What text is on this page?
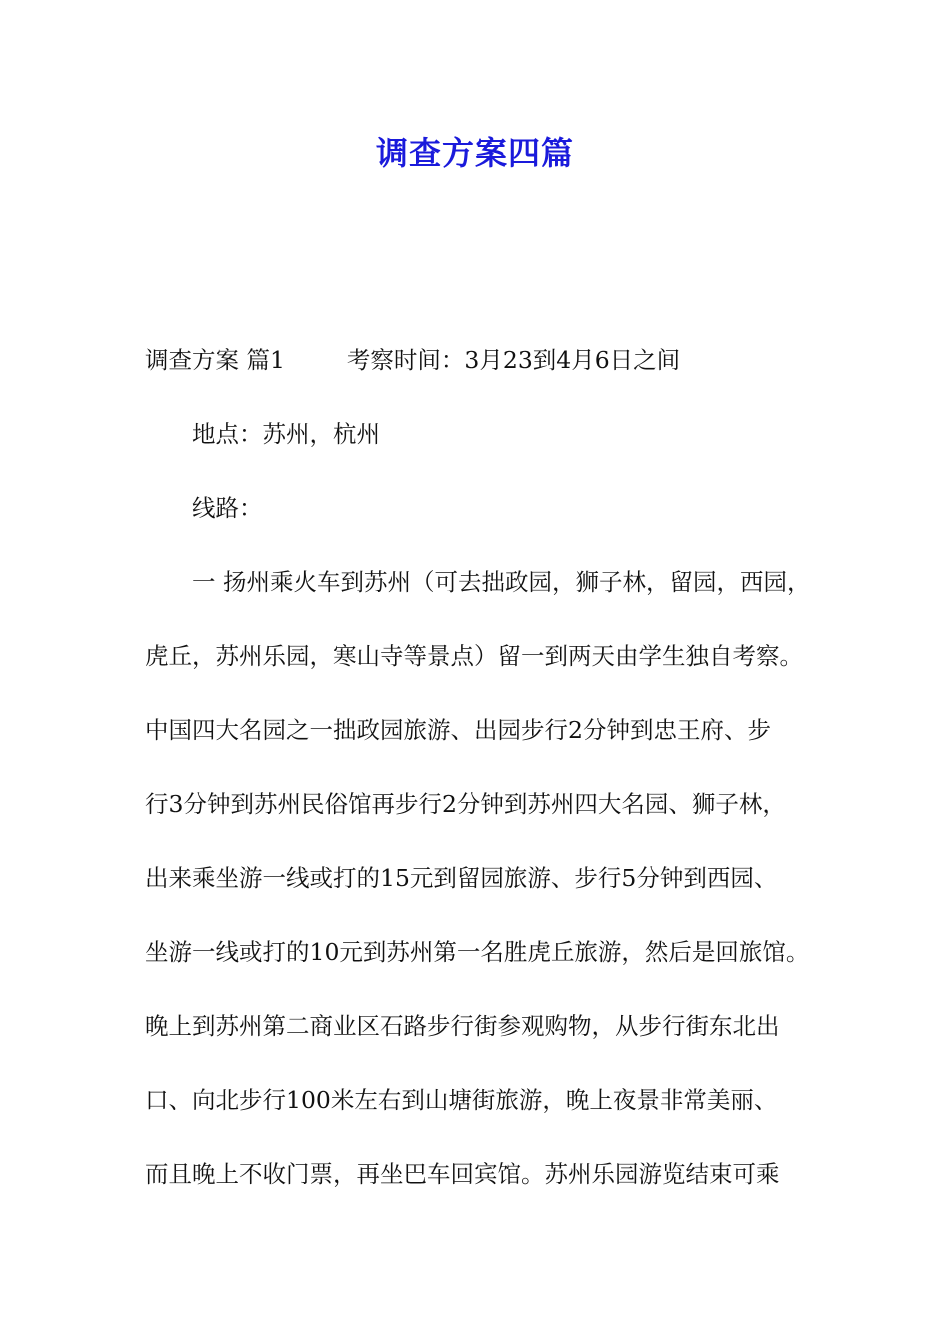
调查方案四篇
调查方案 篇1	考察时间：3月23到4月6日之间
地点：苏州，杭州
线路：
一 扬州乘火车到苏州（可去拙政园，狮子林，留园，西园，
虎丘，苏州乐园，寒山寺等景点）留一到两天由学生独自考察。
中国四大名园之一拙政园旅游、出园步行2分钟到忠王府、步
行3分钟到苏州民俗馆再步行2分钟到苏州四大名园、狮子林，
出来乘坐游一线或打的15元到留园旅游、步行5分钟到西园、
坐游一线或打的10元到苏州第一名胜虎丘旅游，然后是回旅馆。
晚上到苏州第二商业区石路步行街参观购物，从步行街东北出
口、向北步行100米左右到山塘街旅游，晚上夜景非常美丽、
而且晚上不收门票，再坐巴车回宾馆。苏州乐园游览结束可乘
